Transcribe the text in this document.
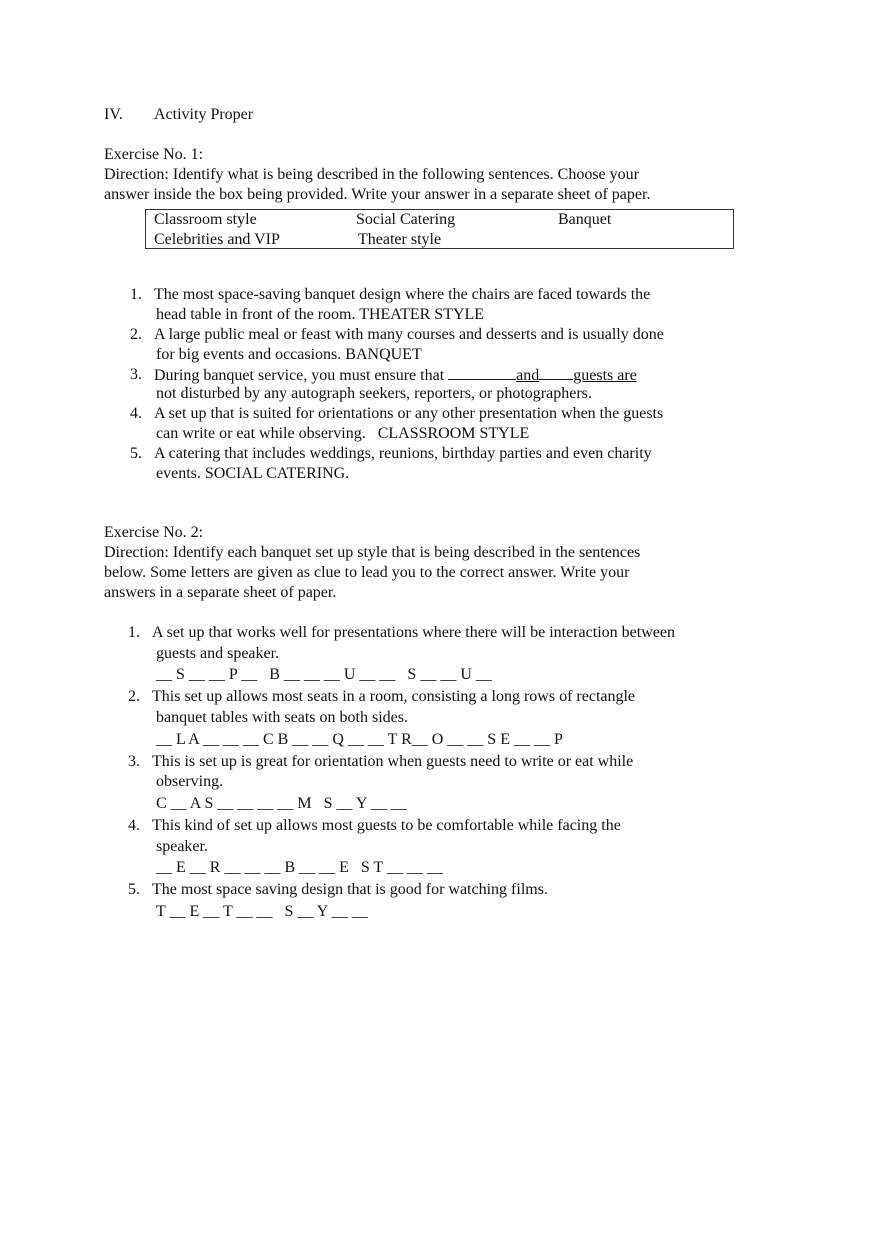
IV. Activity Proper
Exercise No. 1:
Direction: Identify what is being described in the following sentences. Choose your
answer inside the box being provided. Write your answer in a separate sheet of paper.
Classroom style	Social Catering	Banquet
Celebrities and VIP	Theater style
1. The most space-saving banquet design where the chairs are faced towards the
head table in front of the room. THEATER STYLE
2. A large public meal or feast with many courses and desserts and is usually done
for big events and occasions. BANQUET
3. During banquet service, you must ensure that	and guests are
not disturbed by any autograph seekers, reporters, or photographers.
4. A set up that is suited for orientations or any other presentation when the guests
can write or eat while observing.   CLASSROOM STYLE
5. A catering that includes weddings, reunions, birthday parties and even charity
events. SOCIAL CATERING.
Exercise No. 2:
Direction: Identify each banquet set up style that is being described in the sentences
below. Some letters are given as clue to lead you to the correct answer. Write your
answers in a separate sheet of paper.
1. A set up that works well for presentations where there will be interaction between
guests and speaker.
__ S __ __ P __   B __ __ __ U __ __   S __ __ U __
2. This set up allows most seats in a room, consisting a long rows of rectangle
banquet tables with seats on both sides.
__ L A __ __ __ C B __ __ Q __ __ T R__ O __ __ S E __ __ P
3. This is set up is great for orientation when guests need to write or eat while
observing.
C __ A S __ __ __ __ M   S __ Y __ __
4. This kind of set up allows most guests to be comfortable while facing the
speaker.
__ E __ R __ __ __ B __ __ E   S T __ __ __
5. The most space saving design that is good for watching films.
T __ E __ T __ __   S __ Y __ __
